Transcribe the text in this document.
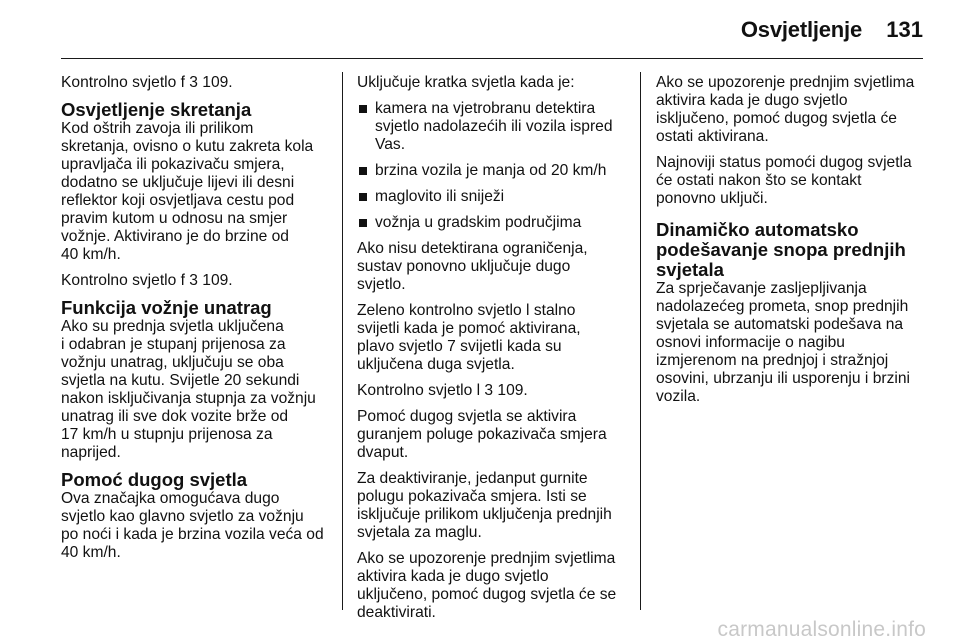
Osvjetljenje	131
Kontrolno svjetlo f 3 109.
Osvjetljenje skretanja
Kod oštrih zavoja ili prilikom
skretanja, ovisno o kutu zakreta kola
upravljača ili pokazivaču smjera,
dodatno se uključuje lijevi ili desni
reflektor koji osvjetljava cestu pod
pravim kutom u odnosu na smjer
vožnje. Aktivirano je do brzine od
40 km/h.
Kontrolno svjetlo f 3 109.
Funkcija vožnje unatrag
Ako su prednja svjetla uključena
i odabran je stupanj prijenosa za
vožnju unatrag, uključuju se oba
svjetla na kutu. Svijetle 20 sekundi
nakon isključivanja stupnja za vožnju
unatrag ili sve dok vozite brže od
17 km/h u stupnju prijenosa za
naprijed.
Pomoć dugog svjetla
Ova značajka omogućava dugo
svjetlo kao glavno svjetlo za vožnju
po noći i kada je brzina vozila veća od
40 km/h.
Uključuje kratka svjetla kada je:
kamera na vjetrobranu detektira
svjetlo nadolazećih ili vozila ispred
Vas.
brzina vozila je manja od 20 km/h
maglovito ili sniježi
vožnja u gradskim područjima
Ako nisu detektirana ograničenja,
sustav ponovno uključuje dugo
svjetlo.
Zeleno kontrolno svjetlo l stalno
svijetli kada je pomoć aktivirana,
plavo svjetlo 7 svijetli kada su
uključena duga svjetla.
Kontrolno svjetlo l 3 109.
Pomoć dugog svjetla se aktivira
guranjem poluge pokazivača smjera
dvaput.
Za deaktiviranje, jedanput gurnite
polugu pokazivača smjera. Isti se
isključuje prilikom uključenja prednjih
svjetala za maglu.
Ako se upozorenje prednjim svjetlima
aktivira kada je dugo svjetlo
uključeno, pomoć dugog svjetla će se
deaktivirati.
Ako se upozorenje prednjim svjetlima
aktivira kada je dugo svjetlo
isključeno, pomoć dugog svjetla će
ostati aktivirana.
Najnoviji status pomoći dugog svjetla
će ostati nakon što se kontakt
ponovno uključi.
Dinamičko automatsko
podešavanje snopa prednjih
svjetala
Za sprječavanje zasljepljivanja
nadolazećeg prometa, snop prednjih
svjetala se automatski podešava na
osnovi informacije o nagibu
izmjerenom na prednjoj i stražnjoj
osovini, ubrzanju ili usporenju i brzini
vozila.
carmanualsonline.info
